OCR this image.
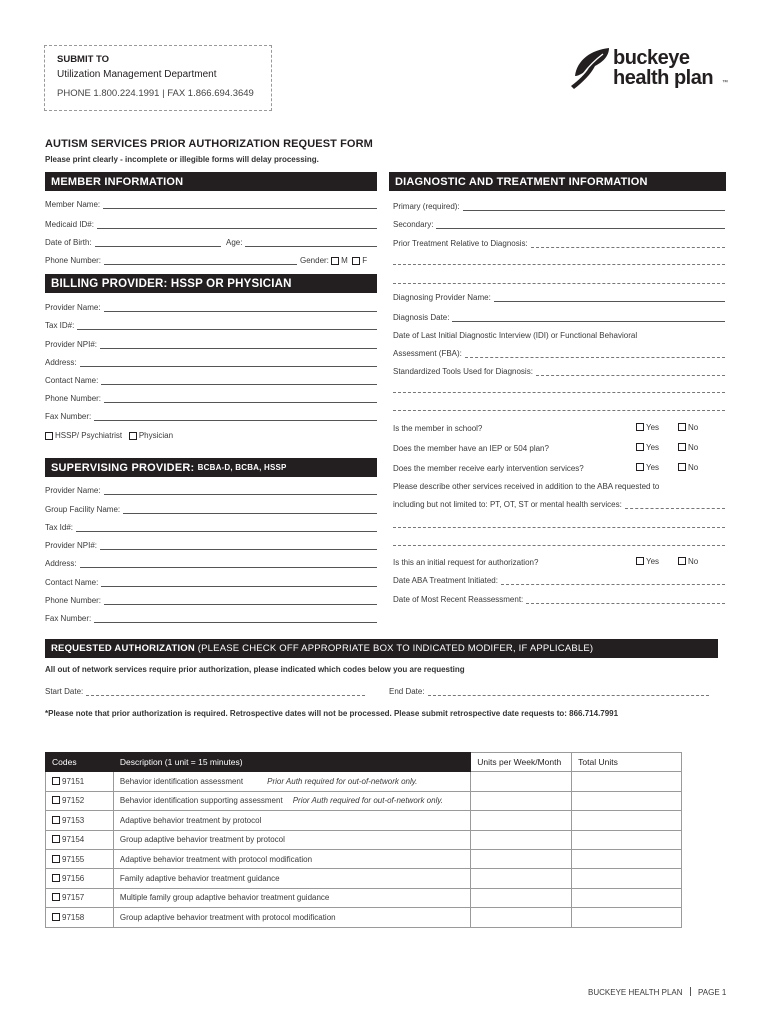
SUBMIT TO
Utilization Management Department
PHONE 1.800.224.1991 | FAX 1.866.694.3649
buckeye
health plan ™
AUTISM SERVICES PRIOR AUTHORIZATION REQUEST FORM
Please print clearly - incomplete or illegible forms will delay processing.
MEMBER INFORMATION
Member Name:
Medicaid ID#:
Date of Birth:	Age:
Phone Number:	Gender:
M
F
BILLING PROVIDER: HSSP OR PHYSICIAN
Provider Name:
Tax ID#:
Provider NPI#:
Address:
Contact Name:
Phone Number:
Fax Number:
HSSP/ Psychiatrist
Physician
SUPERVISING PROVIDER:
BCBA-D, BCBA, HSSP
Provider Name:
Group Facility Name:
Tax Id#:
Provider NPI#:
Address:
Contact Name:
Phone Number:
Fax Number:
DIAGNOSTIC AND TREATMENT INFORMATION
Primary (required):
Secondary:
Prior Treatment Relative to Diagnosis:
Diagnosing Provider Name:
Diagnosis Date:
Date of Last Initial Diagnostic Interview (IDI) or Functional Behavioral
Assessment (FBA):
Standardized Tools Used for Diagnosis:
Is the member in school?	Yes	No
Does the member have an IEP or 504 plan?	Yes	No
Does the member receive early intervention services?	Yes	No
Please describe other services received in addition to the ABA requested to
including but not limited to: PT, OT, ST or mental health services:
Is this an initial request for authorization?	Yes	No
Date ABA Treatment Initiated:
Date of Most Recent Reassessment:
REQUESTED AUTHORIZATION
(PLEASE CHECK OFF APPROPRIATE BOX TO INDICATED MODIFER, IF APPLICABLE)
All out of network services require prior authorization, please indicated which codes below you are requesting
Start Date:	End Date:
*Please note that prior authorization is required. Retrospective dates will not be processed. Please submit retrospective date requests to: 866.714.7991
Codes	Description (1 unit = 15 minutes)	Units per Week/Month	Total Units
97151	Behavior identification assessment Prior Auth required for out-of-network only.		
97152	Behavior identification supporting assessment Prior Auth required for out-of-network only.		
97153	Adaptive behavior treatment by protocol		
97154	Group adaptive behavior treatment by protocol		
97155	Adaptive behavior treatment with protocol modification		
97156	Family adaptive behavior treatment guidance		
97157	Multiple family group adaptive behavior treatment guidance		
97158	Group adaptive behavior treatment with protocol modification		
BUCKEYE HEALTH PLAN PAGE 1
